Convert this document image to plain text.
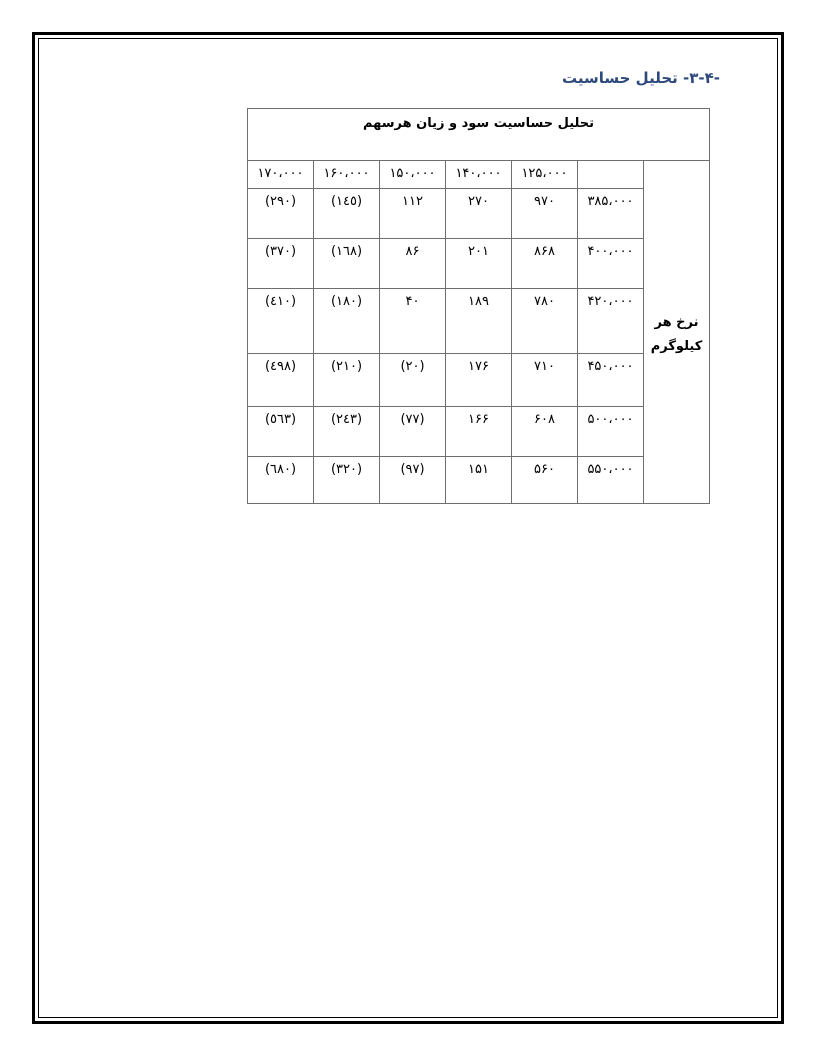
-۳-۴- تحلیل حساسیت
تحلیل حساسیت سود و زیان هرسهم						

نرخ هر
کیلوگرم		۱۲۵،۰۰۰	۱۴۰،۰۰۰	۱۵۰،۰۰۰	۱۶۰،۰۰۰	۱۷۰،۰۰۰
	۳۸۵،۰۰۰	۹۷۰	۲۷۰	۱۱۲	(۱٤٥)	(۲۹۰)
	۴۰۰،۰۰۰	۸۶۸	۲۰۱	۸۶	(۱٦۸)	(۳۷۰)
	۴۲۰،۰۰۰	۷۸۰	۱۸۹	۴۰	(۱۸۰)	(٤۱۰)
	۴۵۰،۰۰۰	۷۱۰	۱۷۶	(۲۰)	(۲۱۰)	(٤۹۸)
	۵۰۰،۰۰۰	۶۰۸	۱۶۶	(۷۷)	(۲٤۳)	(٥٦۳)
	۵۵۰،۰۰۰	۵۶۰	۱۵۱	(۹۷)	(۳۲۰)	(٦۸۰)
